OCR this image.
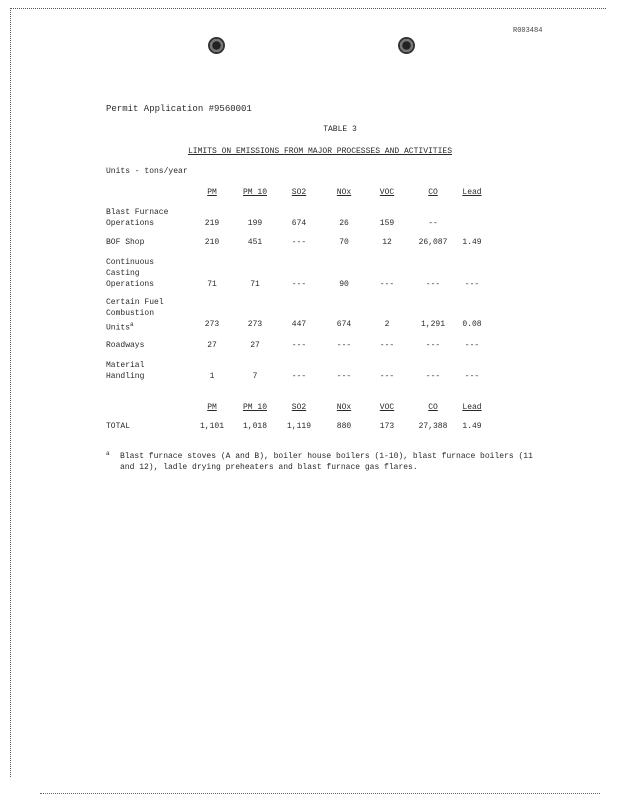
R003484
Permit Application #9560001
TABLE 3
LIMITS ON EMISSIONS FROM MAJOR PROCESSES AND ACTIVITIES
Units - tons/year
PM	PM 10	SO2	NOx	VOC	CO	Lead
Blast Furnace
Operations	219	199	674	26	159	--
BOF Shop	210	451	---	70	12	26,087	1.49
Continuous
Casting
Operations	71	71	---	90	---	---	---
Certain Fuel
Combustion
Units$^a$	273	273	447	674	2	1,291	0.08
Roadways	27	27	---	---	---	---	---
Material
Handling	1	7	---	---	---	---	---
PM	PM 10	SO2	NOx	VOC	CO	Lead
TOTAL	1,101	1,018	1,119	880	173	27,388	1.49
a Blast furnace stoves (A and B), boiler house boilers (1-10), blast furnace boilers (11 and 12), ladle drying preheaters and blast furnace gas flares.
